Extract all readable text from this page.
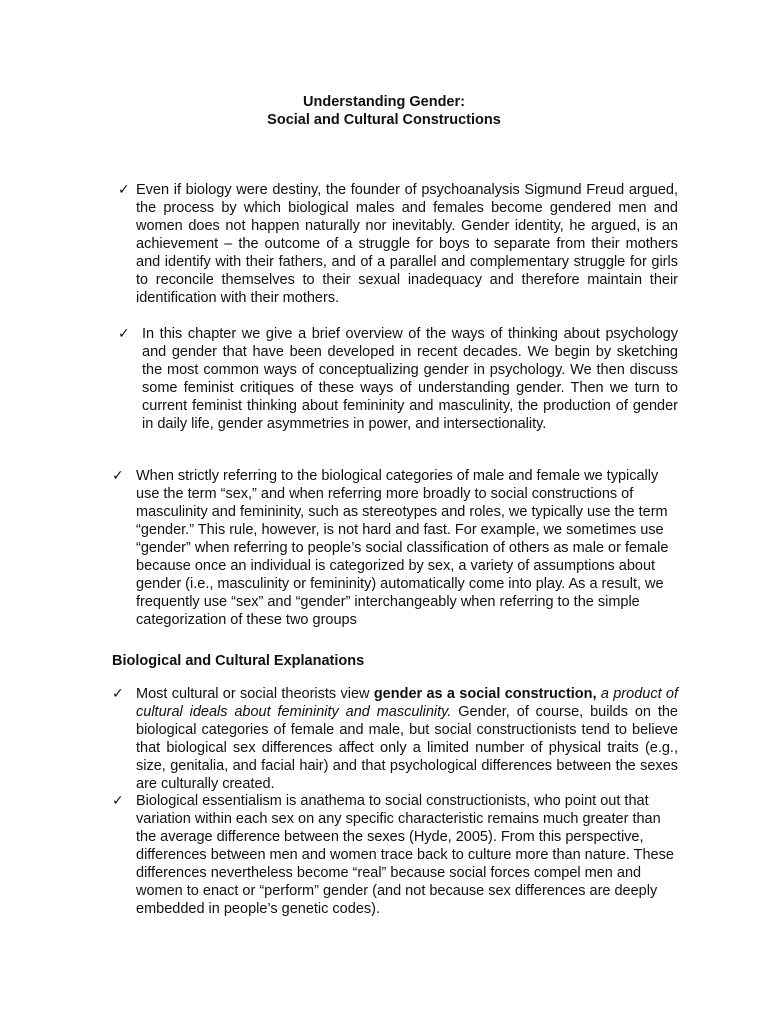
Understanding Gender:
Social and Cultural Constructions
✓ Even if biology were destiny, the founder of psychoanalysis Sigmund Freud argued, the process by which biological males and females become gendered men and women does not happen naturally nor inevitably. Gender identity, he argued, is an achievement – the outcome of a struggle for boys to separate from their mothers and identify with their fathers, and of a parallel and complementary struggle for girls to reconcile themselves to their sexual inadequacy and therefore maintain their identification with their mothers.
✓ In this chapter we give a brief overview of the ways of thinking about psychology and gender that have been developed in recent decades. We begin by sketching the most common ways of conceptualizing gender in psychology. We then discuss some feminist critiques of these ways of understanding gender. Then we turn to current feminist thinking about femininity and masculinity, the production of gender in daily life, gender asymmetries in power, and intersectionality.
✓ When strictly referring to the biological categories of male and female we typically use the term “sex,” and when referring more broadly to social constructions of masculinity and femininity, such as stereotypes and roles, we typically use the term “gender.” This rule, however, is not hard and fast. For example, we sometimes use “gender” when referring to people’s social classification of others as male or female because once an individual is categorized by sex, a variety of assumptions about gender (i.e., masculinity or femininity) automatically come into play. As a result, we frequently use “sex” and “gender” interchangeably when referring to the simple categorization of these two groups
Biological and Cultural Explanations
✓ Most cultural or social theorists view gender as a social construction, a product of cultural ideals about femininity and masculinity. Gender, of course, builds on the biological categories of female and male, but social constructionists tend to believe that biological sex differences affect only a limited number of physical traits (e.g., size, genitalia, and facial hair) and that psychological differences between the sexes are culturally created.
✓ Biological essentialism is anathema to social constructionists, who point out that variation within each sex on any specific characteristic remains much greater than the average difference between the sexes (Hyde, 2005). From this perspective, differences between men and women trace back to culture more than nature. These differences nevertheless become “real” because social forces compel men and women to enact or “perform” gender (and not because sex differences are deeply embedded in people’s genetic codes).
